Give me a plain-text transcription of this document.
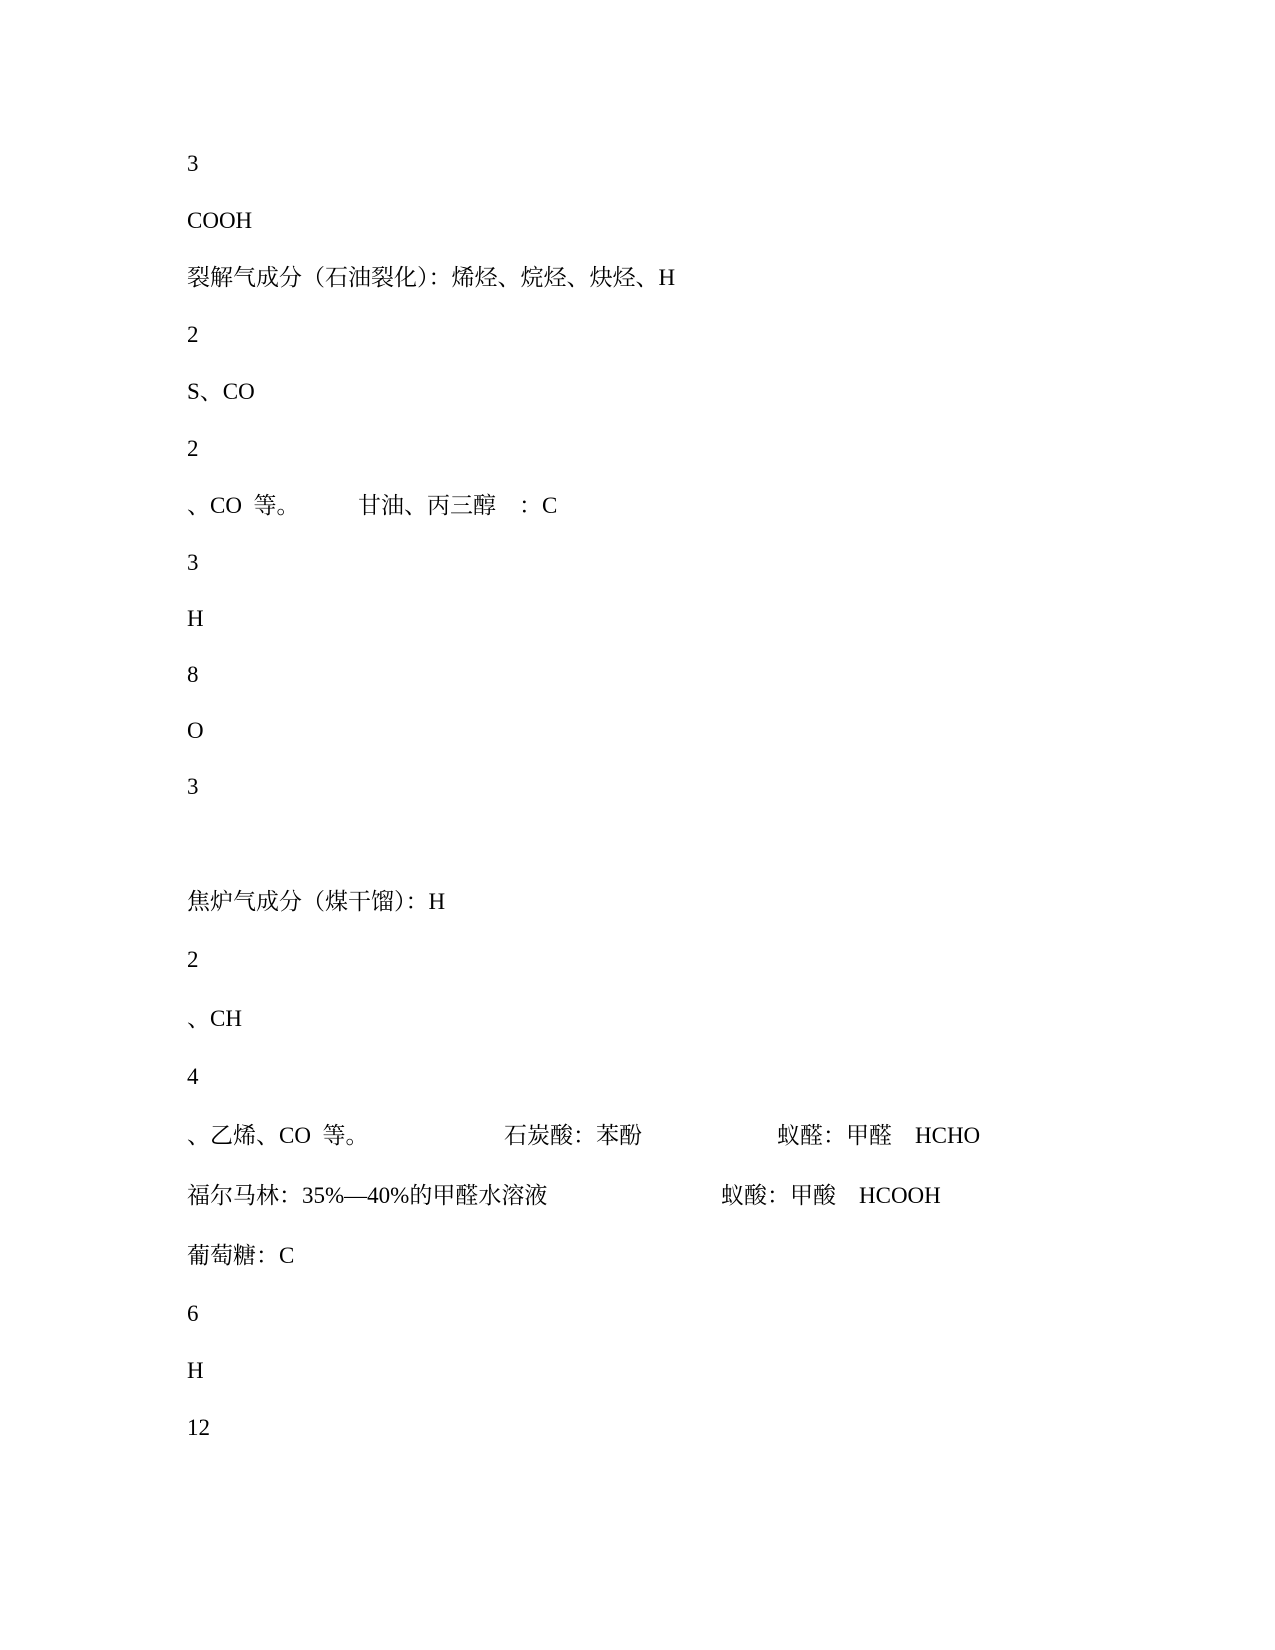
3
COOH
裂解气成分（石油裂化）：烯烃、烷烃、炔烃、H
2
S、CO
2
、CO  等。	甘油、丙三醇    ：C
3
H
8
O
3
焦炉气成分（煤干馏）：H
2
、CH
4
、乙烯、CO  等。	石炭酸：苯酚	蚁醛：甲醛    HCHO
福尔马林：35%—40%的甲醛水溶液	蚁酸：甲酸    HCOOH
葡萄糖：C
6
H
12
